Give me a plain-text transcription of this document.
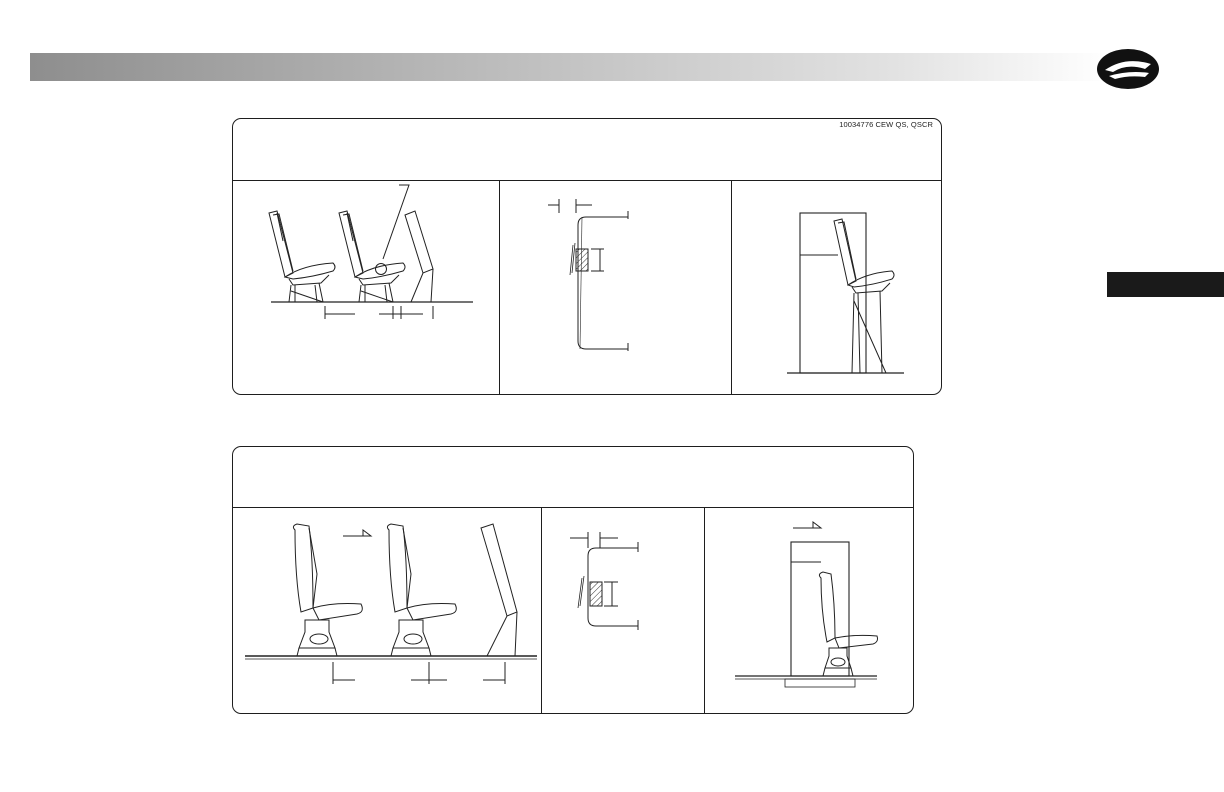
10034776 CEW QS, QSCR
